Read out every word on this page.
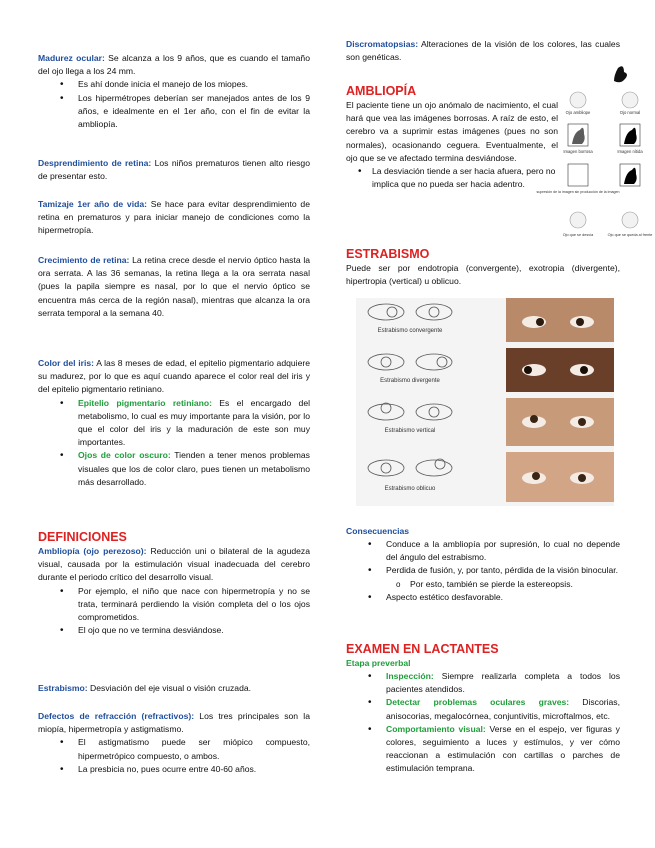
Madurez ocular: Se alcanza a los 9 años, que es cuando el tamaño del ojo llega a los 24 mm.

• Es ahí donde inicia el manejo de los miopes.
• Los hipermétropes deberían ser manejados antes de los 9 años, e idealmente en el 1er año, con el fin de evitar la ambliopía.

Desprendimiento de retina: Los niños prematuros tienen alto riesgo de presentar esto.

Tamizaje 1er año de vida: Se hace para evitar desprendimiento de retina en prematuros y para iniciar manejo de condiciones como la hipermetropía.

Crecimiento de retina: La retina crece desde el nervio óptico hasta la ora serrata. A las 36 semanas, la retina llega a la ora serrata nasal (pues la papila siempre es nasal, por lo que el nervio óptico se encuentra más cerca de la región nasal), mientras que alcanza la ora serrata temporal a la semana 40.

Color del iris: A las 8 meses de edad, el epitelio pigmentario adquiere su madurez, por lo que es aquí cuando aparece el color real del iris y del epitelio pigmentario retiniano.

• Epitelio pigmentario retiniano: Es el encargado del metabolismo, lo cual es muy importante para la visión, por lo que el color del iris y la maduración de este son muy importantes.
• Ojos de color oscuro: Tienden a tener menos problemas visuales que los de color claro, pues tienen un metabolismo más desarrollado.
DEFINICIONES

Ambliopía (ojo perezoso): Reducción uni o bilateral de la agudeza visual, causada por la estimulación visual inadecuada del cerebro durante el periodo crítico del desarrollo visual.

• Por ejemplo, el niño que nace con hipermetropía y no se trata, terminará perdiendo la visión completa del o los ojos comprometidos.
• El ojo que no ve termina desviándose.

Estrabismo: Desviación del eje visual o visión cruzada.

Defectos de refracción (refractivos): Los tres principales son la miopía, hipermetropía y astigmatismo.

• El astigmatismo puede ser miópico compuesto, hipermetrópico compuesto, o ambos.
• La presbicia no, pues ocurre entre 40-60 años.

Discromatopsias: Alteraciones de la visión de los colores, las cuales son genéticas.

AMBLIOPÍA

El paciente tiene un ojo anómalo de nacimiento, el cual hará que vea las imágenes borrosas. A raíz de esto, el cerebro va a suprimir estas imágenes (pues no son normales), ocasionando ceguera. Eventualmente, el ojo que se ve afectado termina desviándose.

• La desviación tiende a ser hacia afuera, pero no implica que no pueda ser hacia adentro.
Ojo ambliope	Ojo normal
Imagen borrosa	Imagen nítida
supresión de la imagen sin producción de la imagen
Ojo que se desvía	Ojo que se queda al frente
ESTRABISMO

Puede ser por endotropia (convergente), exotropia (divergente), hipertropia (vertical) u oblicuo.

Estrabismo convergente
Estrabismo divergente
Estrabismo vertical
Estrabismo oblicuo
Consecuencias
• Conduce a la ambliopía por supresión, lo cual no depende del ángulo del estrabismo.
• Perdida de fusión, y, por tanto, pérdida de la visión binocular.
o Por esto, también se pierde la estereopsis.
• Aspecto estético desfavorable.
EXAMEN EN LACTANTES
Etapa preverbal
• Inspección: Siempre realizarla completa a todos los pacientes atendidos.
• Detectar problemas oculares graves: Discorias, anisocorias, megalocórnea, conjuntivitis, microftalmos, etc.
• Comportamiento visual: Verse en el espejo, ver figuras y colores, seguimiento a luces y estímulos, y ver cómo reaccionan a estimulación con cartillas o parches de estimulación temprana.
